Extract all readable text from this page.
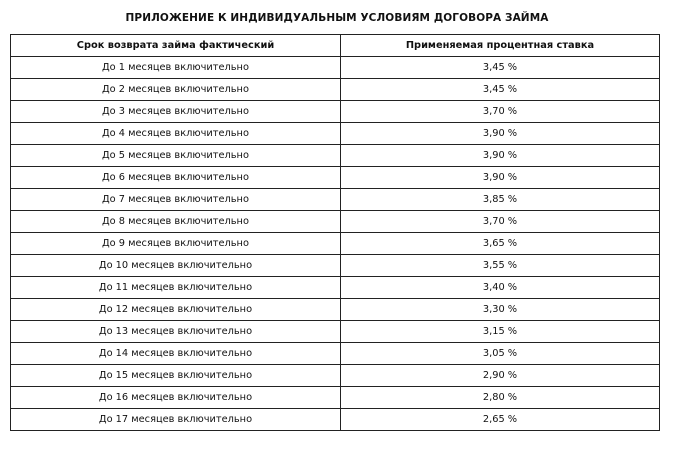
ПРИЛОЖЕНИЕ К ИНДИВИДУАЛЬНЫМ УСЛОВИЯМ ДОГОВОРА ЗАЙМА
Срок возврата займа фактический	Применяемая процентная ставка
До 1 месяцев включительно	3,45 %
До 2 месяцев включительно	3,45 %
До 3 месяцев включительно	3,70 %
До 4 месяцев включительно	3,90 %
До 5 месяцев включительно	3,90 %
До 6 месяцев включительно	3,90 %
До 7 месяцев включительно	3,85 %
До 8 месяцев включительно	3,70 %
До 9 месяцев включительно	3,65 %
До 10 месяцев включительно	3,55 %
До 11 месяцев включительно	3,40 %
До 12 месяцев включительно	3,30 %
До 13 месяцев включительно	3,15 %
До 14 месяцев включительно	3,05 %
До 15 месяцев включительно	2,90 %
До 16 месяцев включительно	2,80 %
До 17 месяцев включительно	2,65 %
